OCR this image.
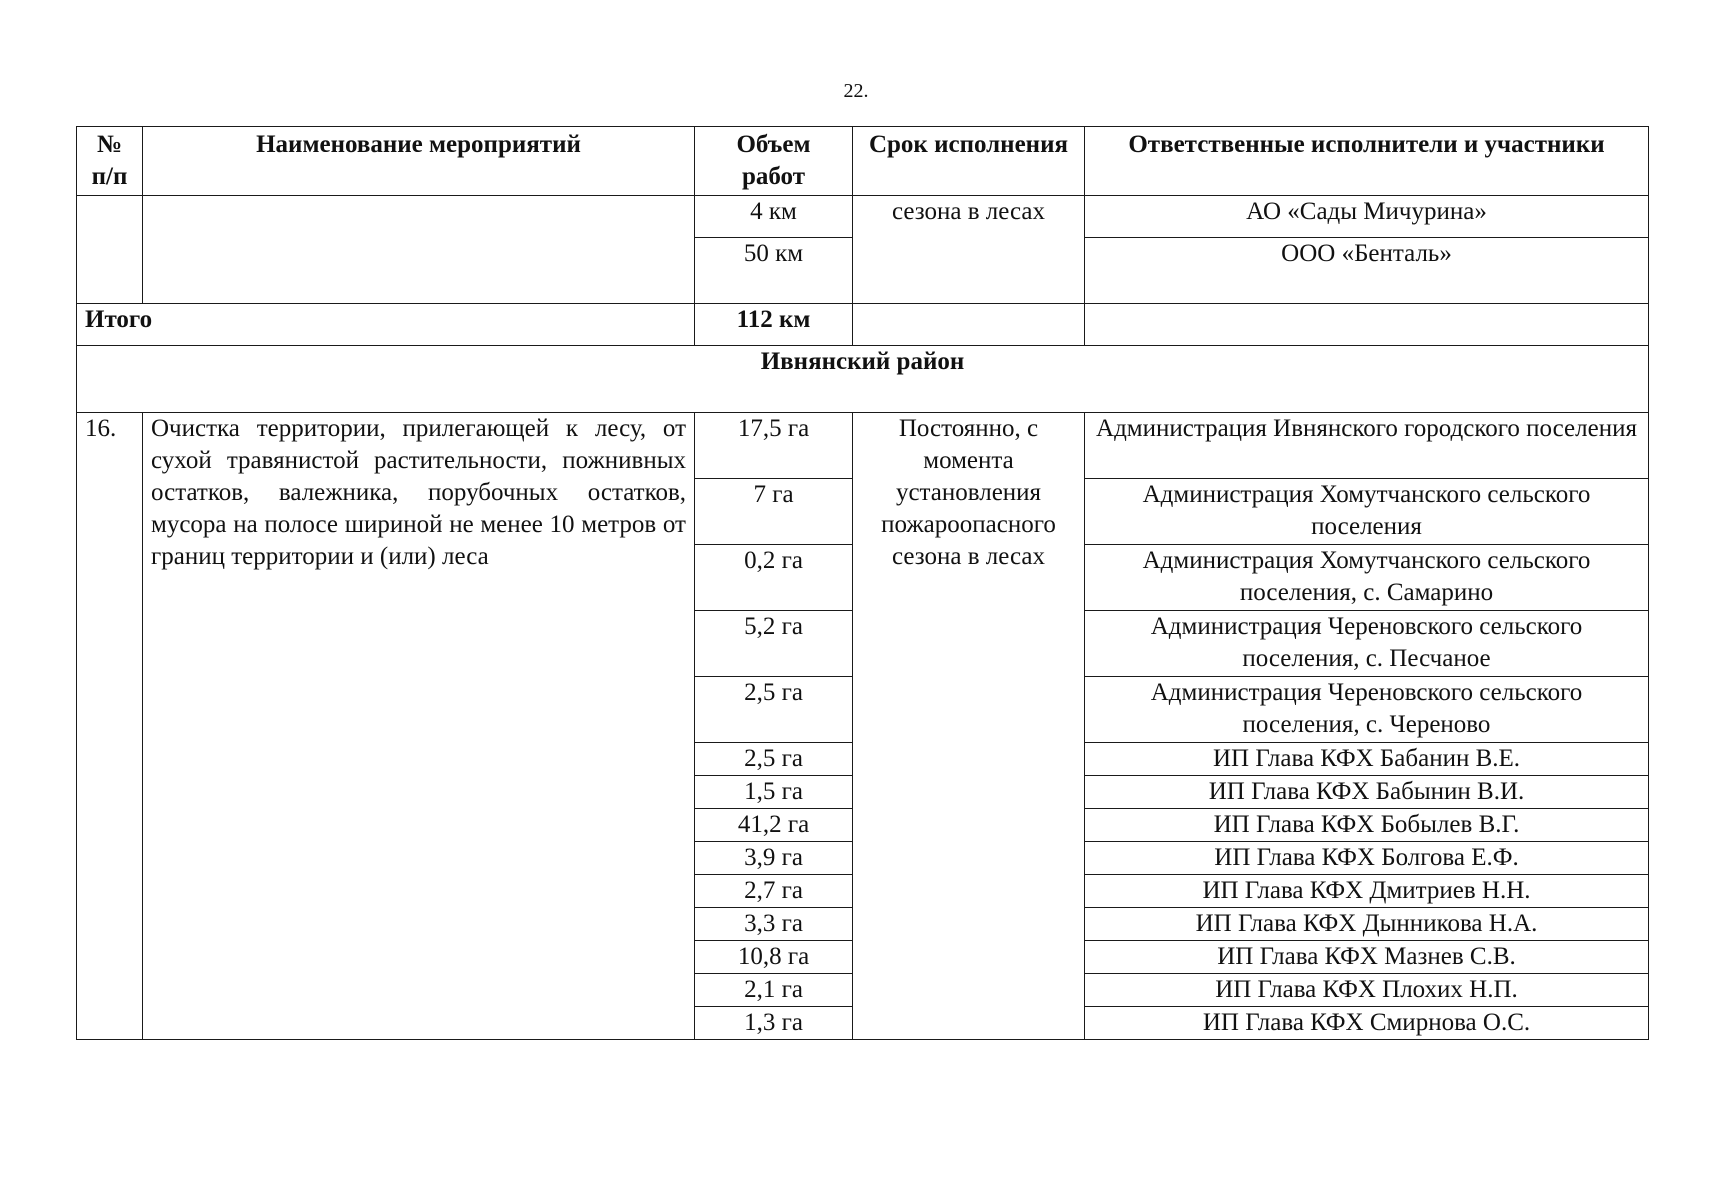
22.
№ п/п	Наименование мероприятий	Объем работ	Срок исполнения	Ответственные исполнители и участники
		4 км	сезона в лесах	АО «Сады Мичурина»
		50 км		ООО «Бенталь»
Итого		112 км		
Ивнянский район				
16.	Очистка территории, прилегающей к лесу, от сухой травянистой растительности, пожнивных остатков, валежника, порубочных остатков, мусора на полосе шириной не менее 10 метров от границ территории и (или) леса	17,5 га	Постоянно, с момента установления пожароопасного сезона в лесах	Администрация Ивнянского городского поселения
		7 га		Администрация Хомутчанского сельского поселения
		0,2 га		Администрация Хомутчанского сельского поселения, с. Самарино
		5,2 га		Администрация Череновского сельского поселения, с. Песчаное
		2,5 га		Администрация Череновского сельского поселения, с. Череново
		2,5 га		ИП Глава КФХ Бабанин В.Е.
		1,5 га		ИП Глава КФХ Бабынин В.И.
		41,2 га		ИП Глава КФХ Бобылев В.Г.
		3,9 га		ИП Глава КФХ Болгова Е.Ф.
		2,7 га		ИП Глава КФХ Дмитриев Н.Н.
		3,3 га		ИП Глава КФХ Дынникова Н.А.
		10,8 га		ИП Глава КФХ Мазнев С.В.
		2,1 га		ИП Глава КФХ Плохих Н.П.
		1,3 га		ИП Глава КФХ Смирнова О.С.
